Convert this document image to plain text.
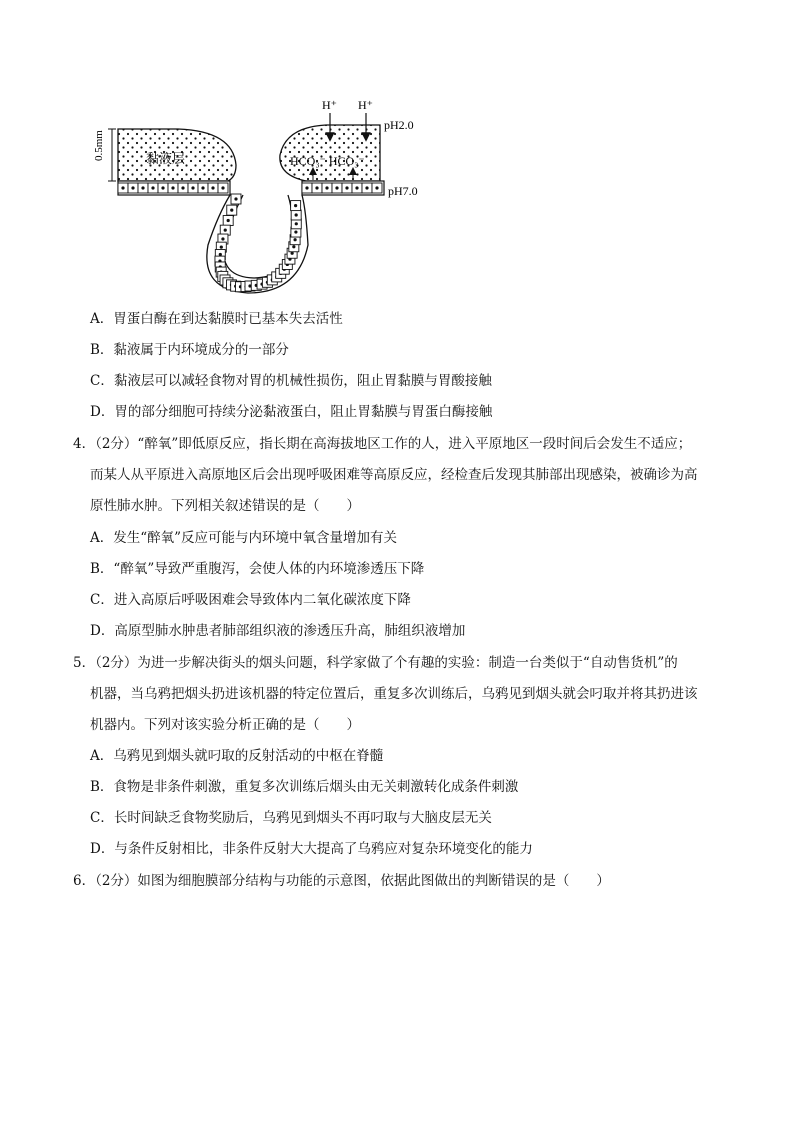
0.5mm	黏液层
H⁺ H⁺
HCO₃⁻ HCO₃⁻
pH2.0
pH7.0
A．胃蛋白酶在到达黏膜时已基本失去活性
B．黏液属于内环境成分的一部分
C．黏液层可以减轻食物对胃的机械性损伤，阻止胃黏膜与胃酸接触
D．胃的部分细胞可持续分泌黏液蛋白，阻止胃黏膜与胃蛋白酶接触
4．（2分）“醉氧”即低原反应，指长期在高海拔地区工作的人，进入平原地区一段时间后会发生不适应；
而某人从平原进入高原地区后会出现呼吸困难等高原反应，经检查后发现其肺部出现感染，被确诊为高
原性肺水肿。下列相关叙述错误的是（　　）
A．发生“醉氧”反应可能与内环境中氧含量增加有关
B．“醉氧”导致严重腹泻，会使人体的内环境渗透压下降
C．进入高原后呼吸困难会导致体内二氧化碳浓度下降
D．高原型肺水肿患者肺部组织液的渗透压升高，肺组织液增加
5．（2分）为进一步解决街头的烟头问题，科学家做了个有趣的实验：制造一台类似于“自动售货机”的
机器，当乌鸦把烟头扔进该机器的特定位置后，重复多次训练后，乌鸦见到烟头就会叼取并将其扔进该
机器内。下列对该实验分析正确的是（　　）
A．乌鸦见到烟头就叼取的反射活动的中枢在脊髓
B．食物是非条件刺激，重复多次训练后烟头由无关刺激转化成条件刺激
C．长时间缺乏食物奖励后，乌鸦见到烟头不再叼取与大脑皮层无关
D．与条件反射相比，非条件反射大大提高了乌鸦应对复杂环境变化的能力
6．（2分）如图为细胞膜部分结构与功能的示意图，依据此图做出的判断错误的是（　　）
